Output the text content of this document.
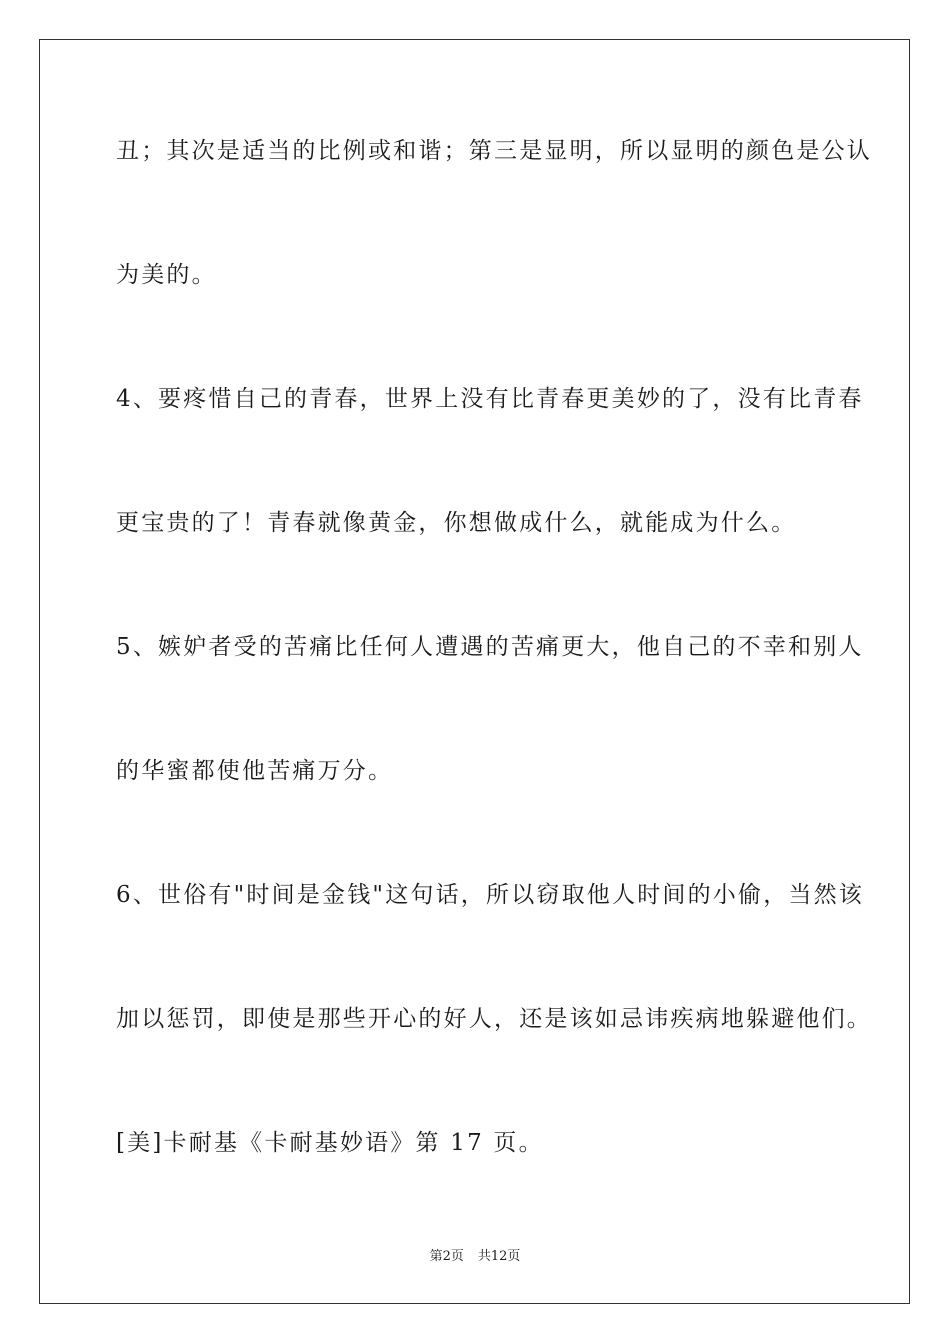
丑；其次是适当的比例或和谐；第三是显明，所以显明的颜色是公认
为美的。
4、要疼惜自己的青春，世界上没有比青春更美妙的了，没有比青春
更宝贵的了！青春就像黄金，你想做成什么，就能成为什么。
5、嫉妒者受的苦痛比任何人遭遇的苦痛更大，他自己的不幸和别人
的华蜜都使他苦痛万分。
6、世俗有"时间是金钱"这句话，所以窃取他人时间的小偷，当然该
加以惩罚，即使是那些开心的好人，还是该如忌讳疾病地躲避他们。
[美]卡耐基《卡耐基妙语》第 17 页。
第2页 共12页
